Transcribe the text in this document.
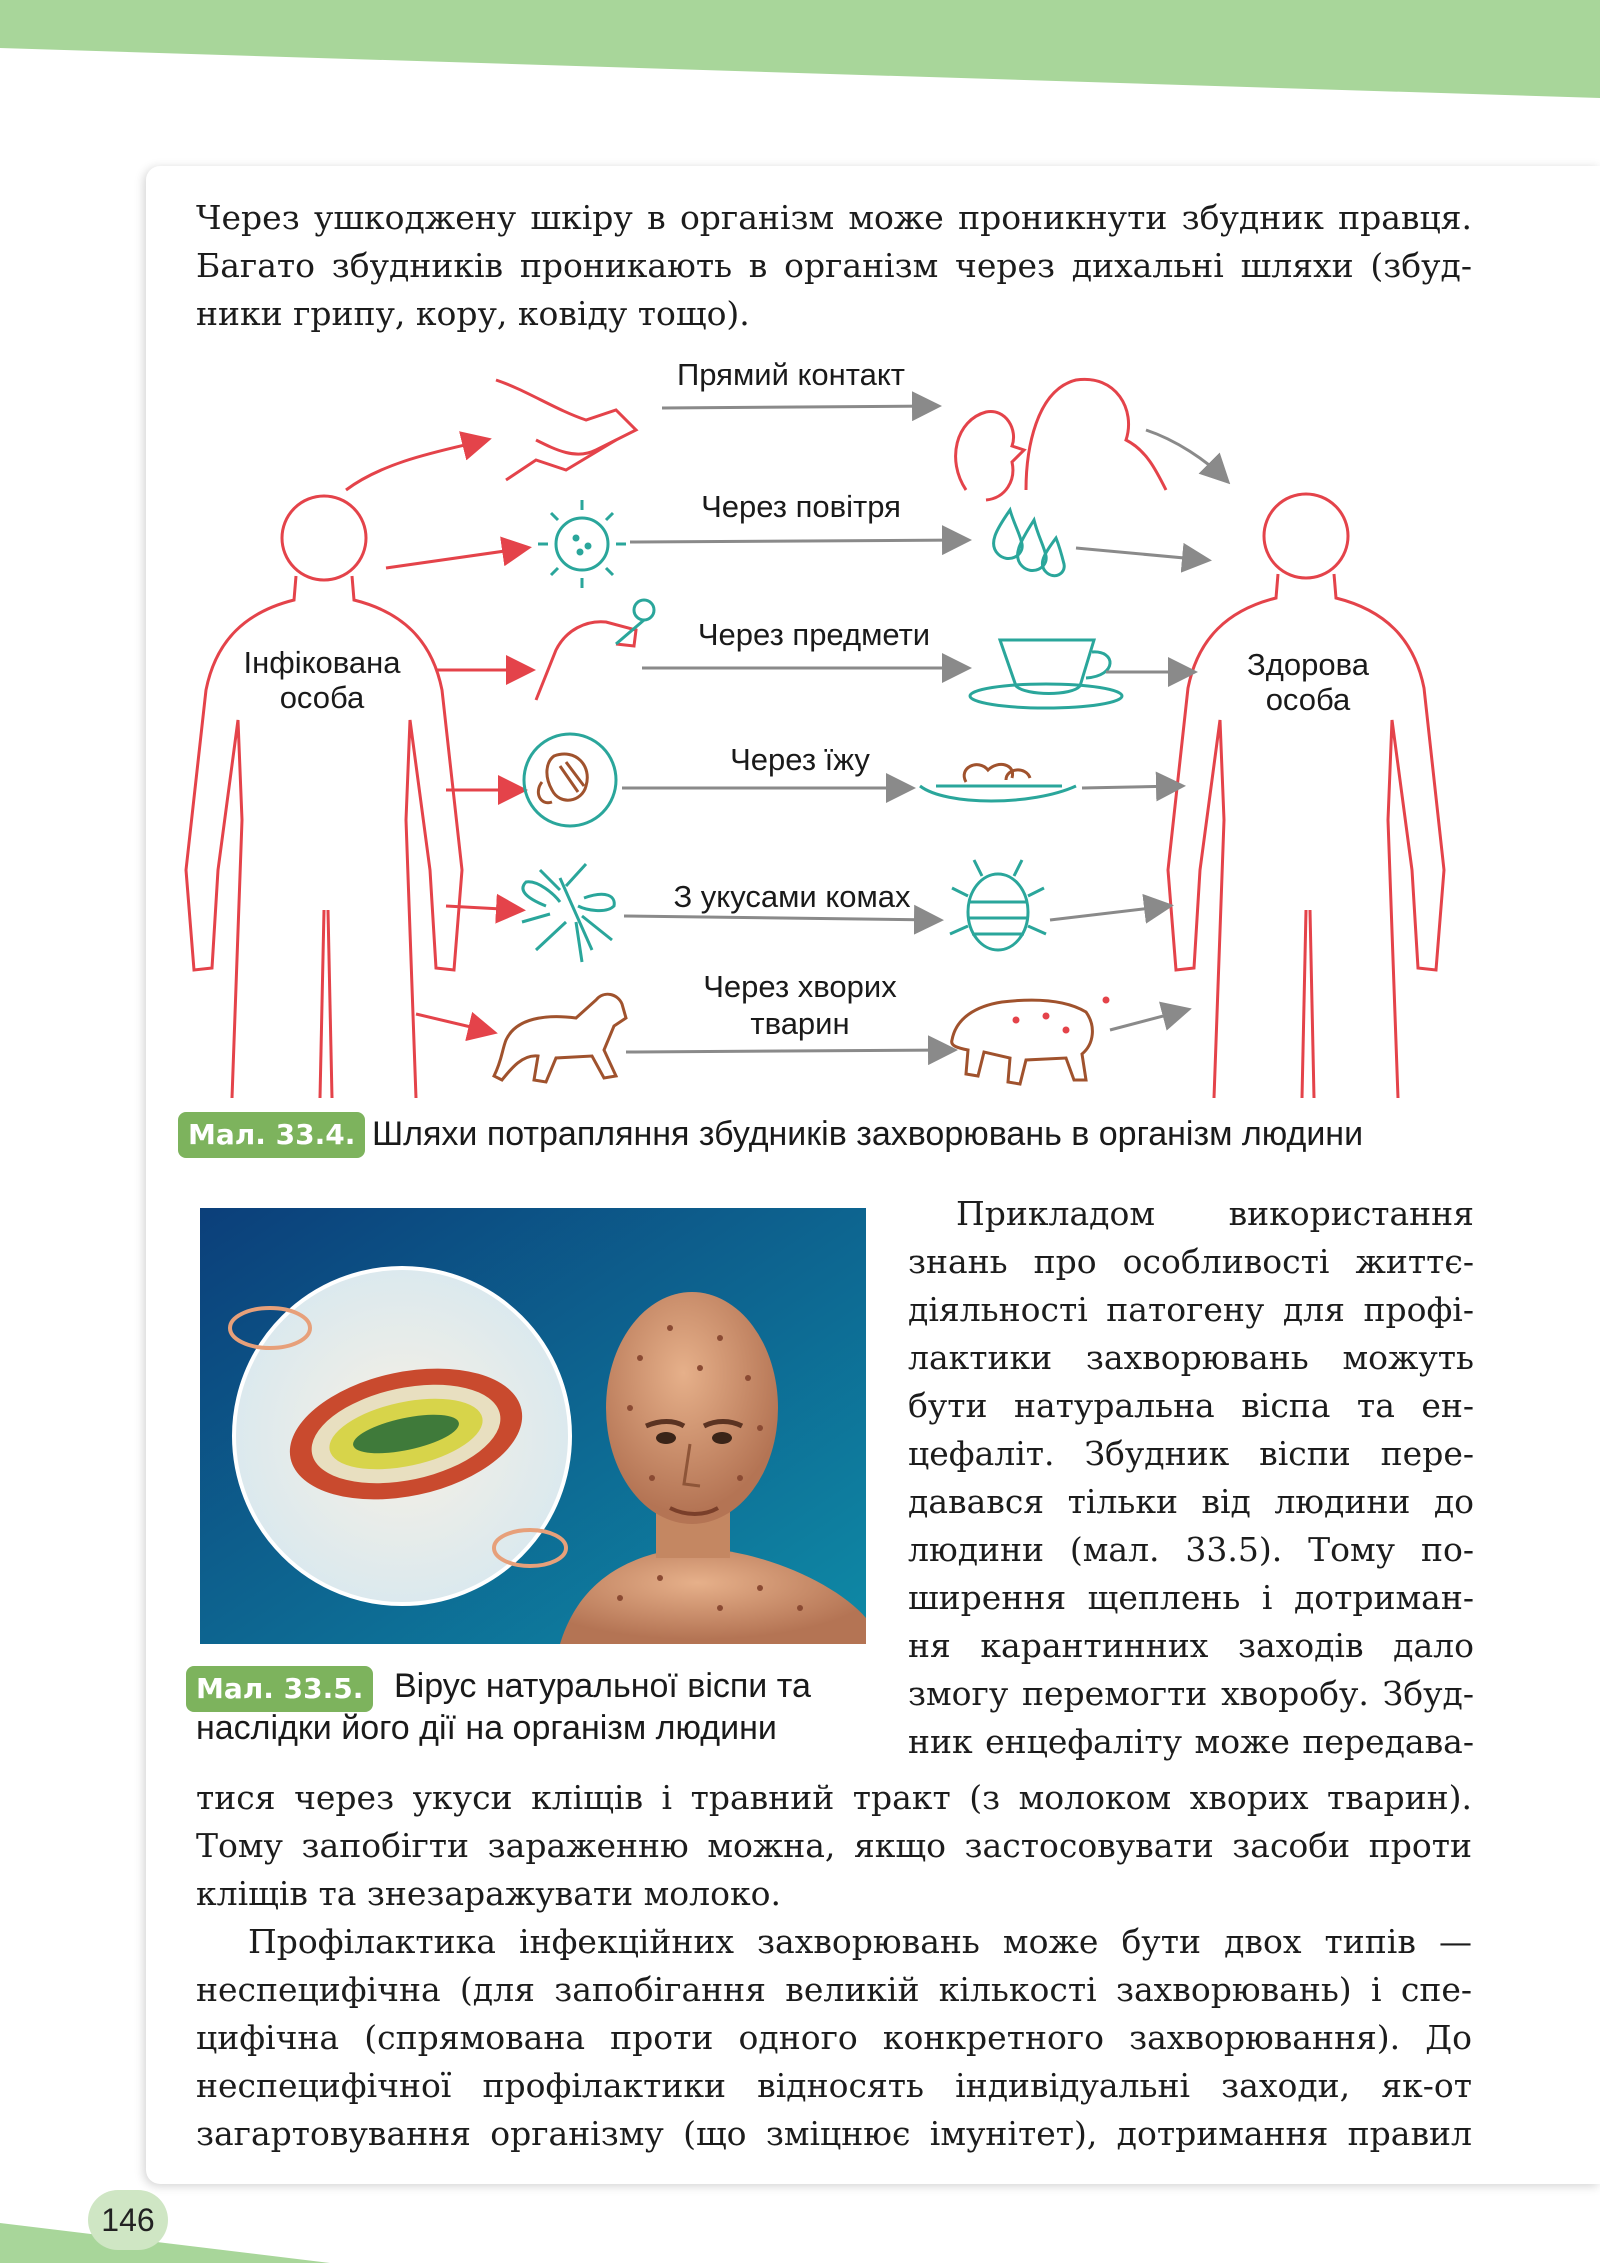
Через ушкоджену шкіру в організм може проникнути збудник правця.
Багато збудників проникають в організм через дихальні шляхи (збуд-
ники грипу, кору, ковіду тощо).
Інфікована
особа
Здорова
особа
Прямий контакт
Через повітря
Через предмети
Через їжу
З укусами комах
Через хворих
тварин
Мал. 33.4. Шляхи потрапляння збудників захворювань в організм людини
Мал. 33.5. Вірус натуральної віспи та
наслідки його дії на організм людини
Прикладом використання
знань про особливості життє-
діяльності патогену для профі-
лактики захворювань можуть
бути натуральна віспа та ен-
цефаліт. Збудник віспи пере-
давався тільки від людини до
людини (мал. 33.5). Тому по-
ширення щеплень і дотриман-
ня карантинних заходів дало
змогу перемогти хворобу. Збуд-
ник енцефаліту може передава-
тися через укуси кліщів і травний тракт (з молоком хворих тварин).
Тому запобігти зараженню можна, якщо застосовувати засоби проти
кліщів та знезаражувати молоко.
Профілактика інфекційних захворювань може бути двох типів —
неспецифічна (для запобігання великій кількості захворювань) і спе-
цифічна (спрямована проти одного конкретного захворювання). До
неспецифічної профілактики відносять індивідуальні заходи, як-от
загартовування організму (що зміцнює імунітет), дотримання правил
146
